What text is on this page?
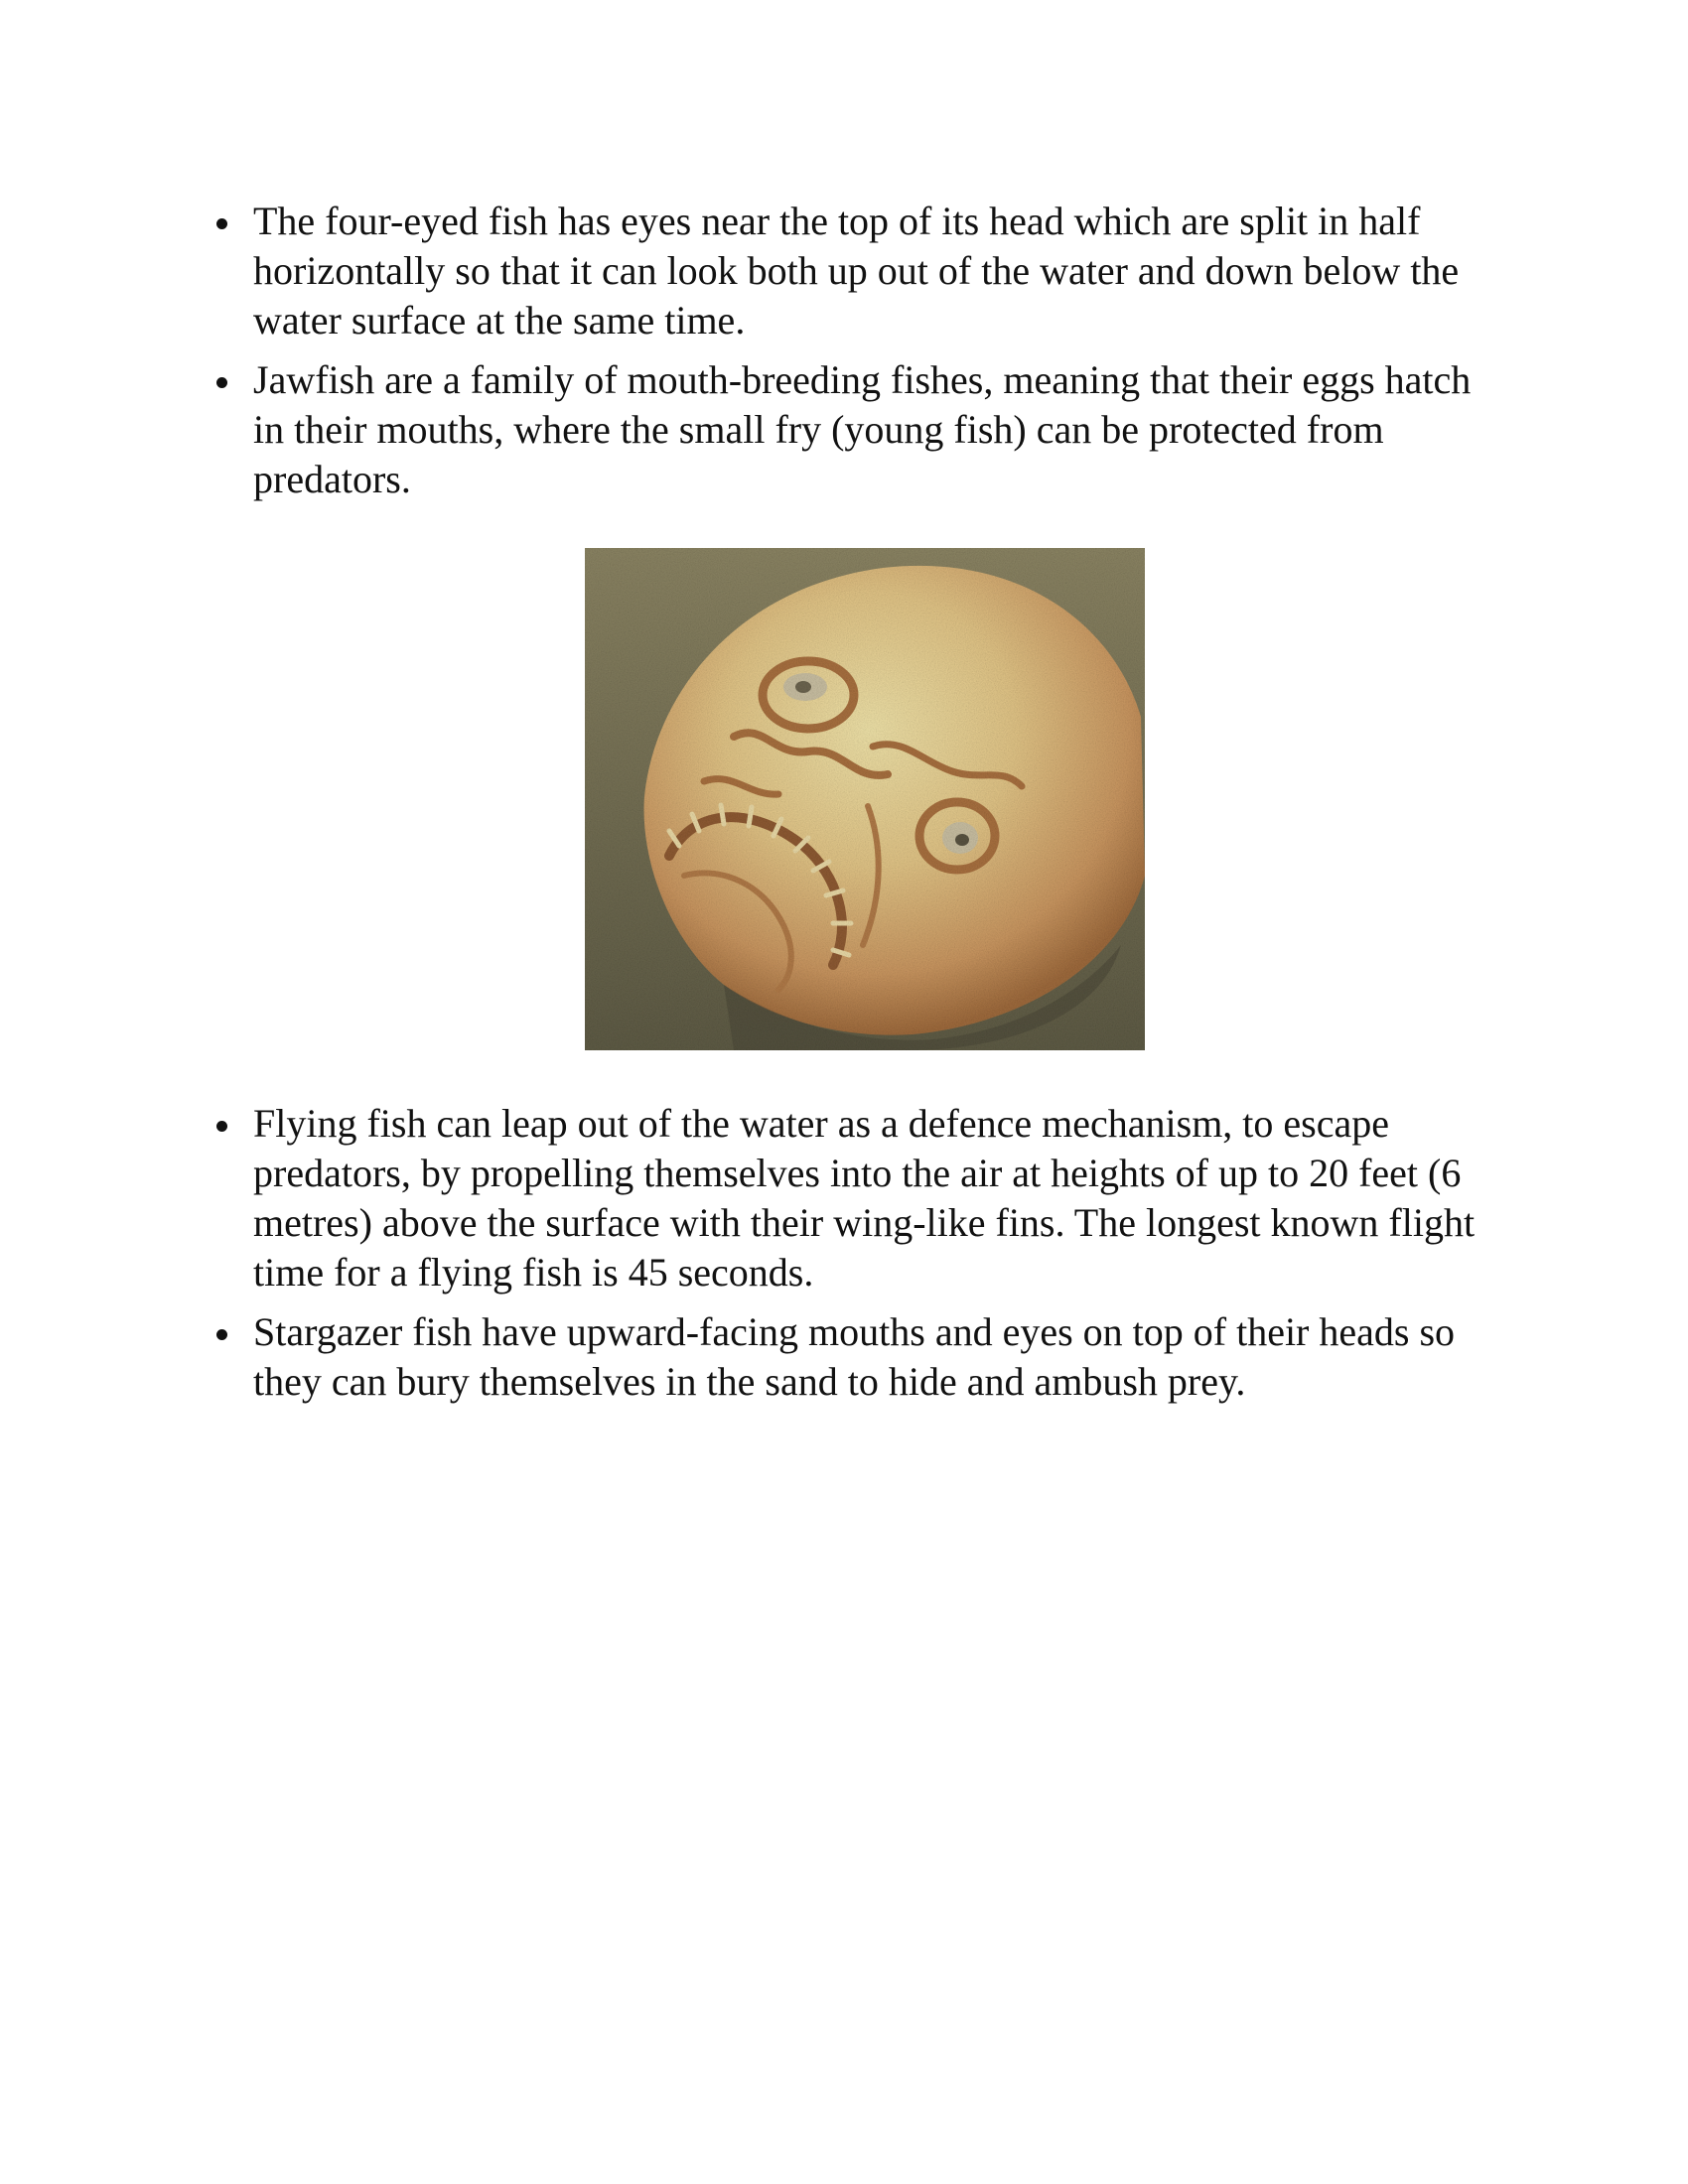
The four-eyed fish has eyes near the top of its head which are split in half horizontally so that it can look both up out of the water and down below the water surface at the same time.
Jawfish are a family of mouth-breeding fishes, meaning that their eggs hatch in their mouths, where the small fry (young fish) can be protected from predators.
Flying fish can leap out of the water as a defence mechanism, to escape predators, by propelling themselves into the air at heights of up to 20 feet (6 metres) above the surface with their wing-like fins. The longest known flight time for a flying fish is 45 seconds.
Stargazer fish have upward-facing mouths and eyes on top of their heads so they can bury themselves in the sand to hide and ambush prey.
